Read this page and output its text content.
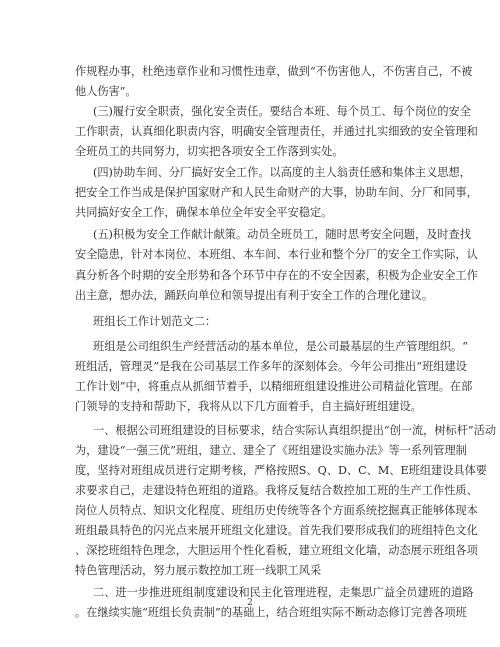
作规程办事，杜绝违章作业和习惯性违章，做到“不伤害他人，不伤害自己，不被
他人伤害”。
(三)履行安全职责，强化安全责任。要结合本班、每个员工、每个岗位的安全
工作职责，认真细化职责内容，明确安全管理责任，并通过扎实细致的安全管理和
全班员工的共同努力，切实把各项安全工作落到实处。
(四)协助车间、分厂搞好安全工作。以高度的主人翁责任感和集体主义思想，
把安全工作当成是保护国家财产和人民生命财产的大事，协助车间、分厂和同事，
共同搞好安全工作，确保本单位全年安全平安稳定。
(五)积极为安全工作献计献策。动员全班员工，随时思考安全问题，及时查找
安全隐患，针对本岗位、本班组、本车间、本行业和整个分厂的安全工作实际，认
真分析各个时期的安全形势和各个环节中存在的不安全因素，积极为企业安全工作
出主意，想办法，踊跃向单位和领导提出有利于安全工作的合理化建议。
班组长工作计划范文二：
班组是公司组织生产经营活动的基本单位，是公司最基层的生产管理组织。“
班组活，管理灵”是我在公司基层工作多年的深刻体会。今年公司推出“班组建设
工作计划”中，将重点从抓细节着手，以精细班组建设推进公司精益化管理。在部
门领导的支持和帮助下，我将从以下几方面着手，自主搞好班组建设。
一、根据公司班组建设的目标要求，结合实际认真组织提出“创一流，树标杆”活动
为，建设“一强三优”班组，建立、建全了《班组建设实施办法》等一系列管理制
度，坚持对班组成员进行定期考核，严格按照S、Q、D、C、M、E班组建设具体要
求要求自己，走建设特色班组的道路。我将反复结合数控加工班的生产工作性质、
岗位人员特点、知识文化程度、班组历史传统等各个方面系统挖掘真正能够体现本
班组最具特色的闪光点来展开班组文化建设。首先我们要形成我们的班组特色文化
、深挖班组特色理念，大胆运用个性化看板，建立班组文化墙，动态展示班组各项
特色管理活动，努力展示数控加工班一线职工风采
二、进一步推进班组制度建设和民主化管理进程，走集思广益全员建班的道路
。在继续实施“班组长负责制”的基础上，结合班组实际不断动态修订完善各项班
2
